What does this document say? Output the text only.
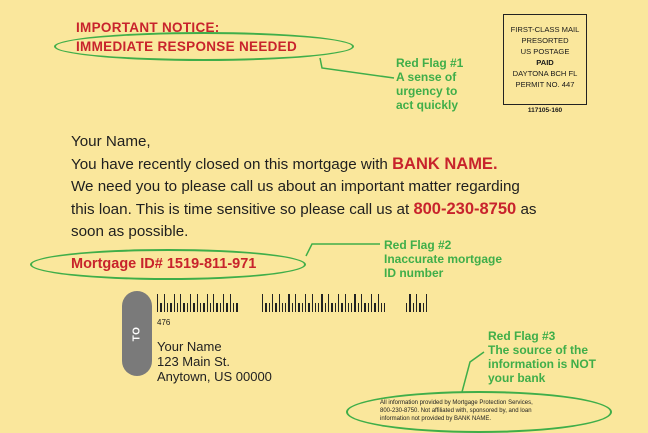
IMPORTANT NOTICE:
IMMEDIATE RESPONSE NEEDED
Red Flag #1
A sense of
urgency to
act quickly
FIRST-CLASS MAIL
PRESORTED
US POSTAGE
PAID
DAYTONA BCH FL
PERMIT NO. 447
117105-160
Your Name,
You have recently closed on this mortgage with BANK NAME.
We need you to please call us about an important matter regarding
this loan. This is time sensitive so please call us at 800-230-8750 as
soon as possible.
Mortgage ID# 1519-811-971
Red Flag #2
Inaccurate mortgage
ID number
TO
476
Your Name
123 Main St.
Anytown, US 00000
Red Flag #3
The source of the
information is NOT
your bank
All information provided by Mortgage Protection Services,
800-230-8750. Not affiliated with, sponsored by, and loan
information not provided by BANK NAME.
